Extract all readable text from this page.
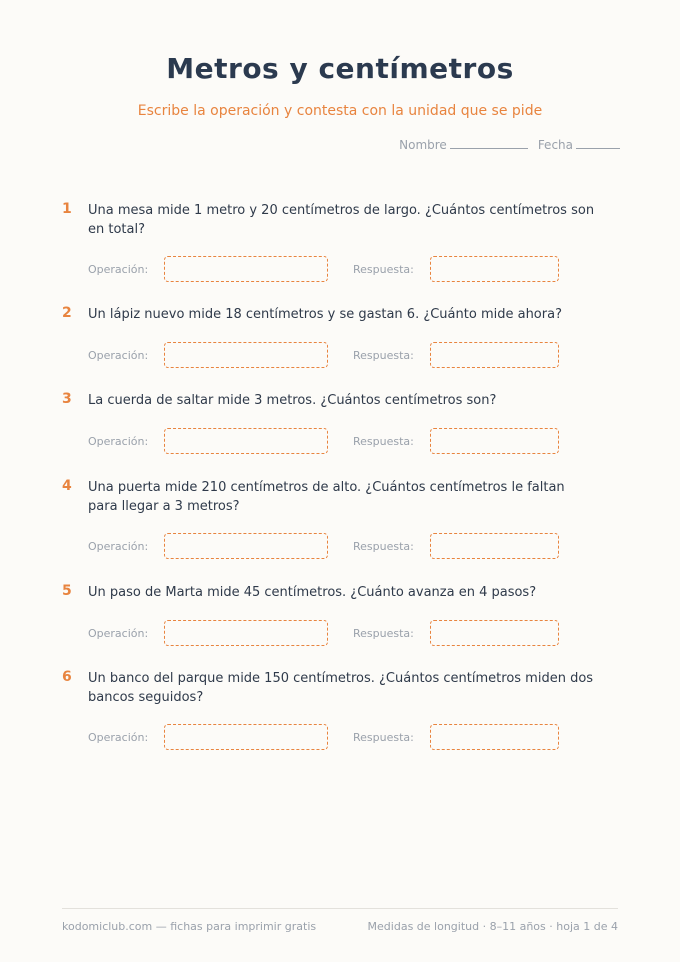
Metros y centímetros
Escribe la operación y contesta con la unidad que se pide
Nombre	Fecha
1 Una mesa mide 1 metro y 20 centímetros de largo. ¿Cuántos centímetros son en total?
Operación:	Respuesta:
2 Un lápiz nuevo mide 18 centímetros y se gastan 6. ¿Cuánto mide ahora?
Operación:	Respuesta:
3 La cuerda de saltar mide 3 metros. ¿Cuántos centímetros son?
Operación:	Respuesta:
4 Una puerta mide 210 centímetros de alto. ¿Cuántos centímetros le faltan para llegar a 3 metros?
Operación:	Respuesta:
5 Un paso de Marta mide 45 centímetros. ¿Cuánto avanza en 4 pasos?
Operación:	Respuesta:
6 Un banco del parque mide 150 centímetros. ¿Cuántos centímetros miden dos bancos seguidos?
Operación:	Respuesta:
kodomiclub.com — fichas para imprimir gratis	Medidas de longitud · 8–11 años · hoja 1 de 4
